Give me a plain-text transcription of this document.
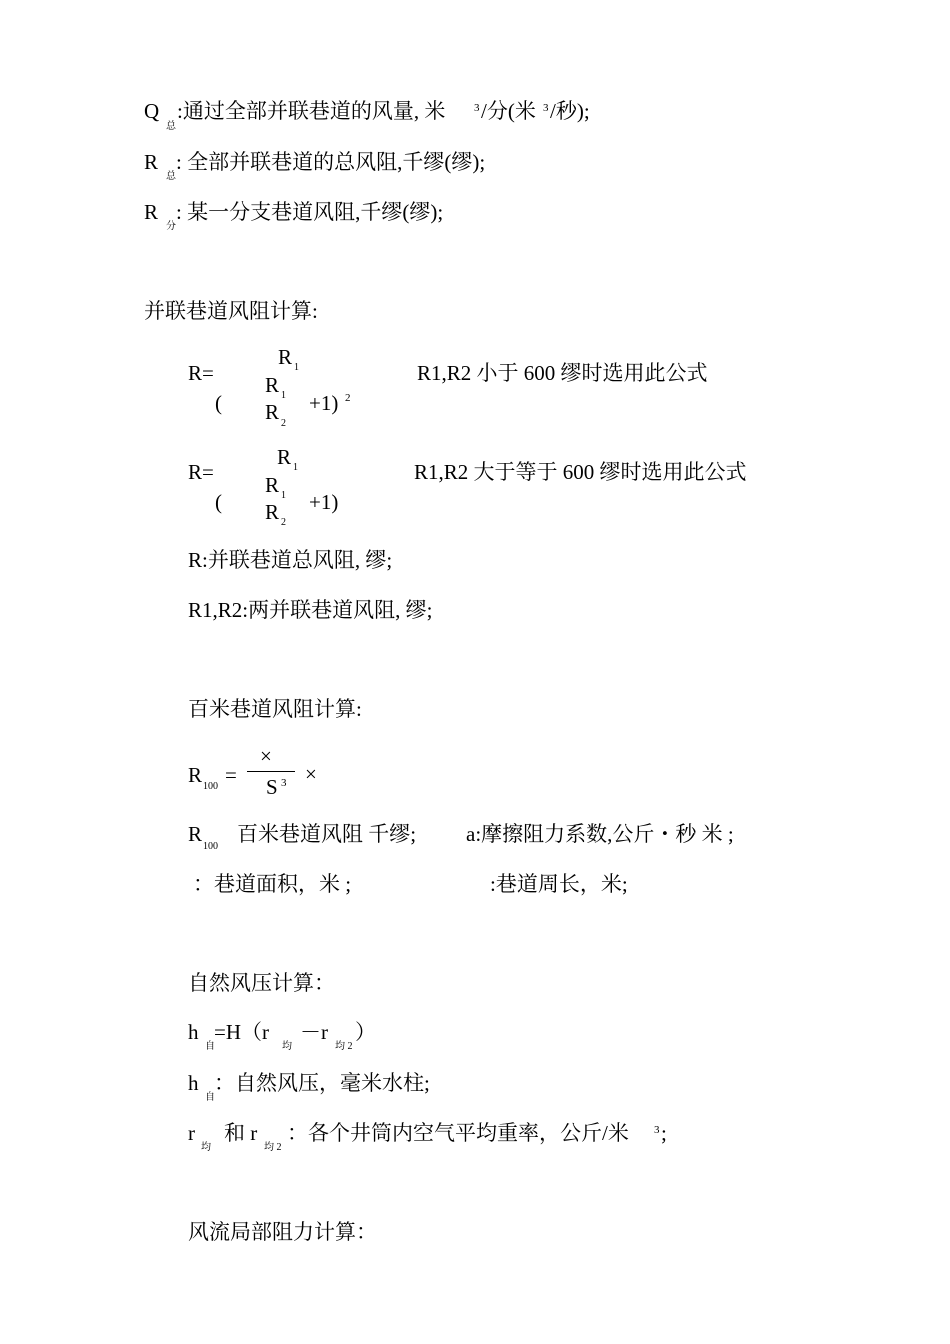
Q
总
:通过全部并联巷道的风量, 米	3 /分(米 3 /秒);
R
总
: 全部并联巷道的总风阻,千缪(缪);
R
分
: 某一分支巷道风阻,千缪(缪);
并联巷道风阻计算:
R=
R 1
(
R 1
R 2
+1) 2
R1,R2 小于 600 缪时选用此公式
R=
R 1
(
R 1
R 2
+1)
R1,R2 大于等于 600 缪时选用此公式
R:并联巷道总风阻, 缪;
R1,R2:两并联巷道风阻, 缪;
百米巷道风阻计算:
R 100 =
×
S 3 ×
R
100
百米巷道风阻 千缪; a:摩擦阻力系数,公斤・秒 米 ;
：巷道面积，米 ;	:巷道周长，米;
自然风压计算：
h
自
=H（r
均
－r
均 2
）
h
自
：自然风压，毫米水柱;
r
均
和 r
均 2
：各个井筒内空气平均重率，公斤/米 3 ;
风流局部阻力计算：
